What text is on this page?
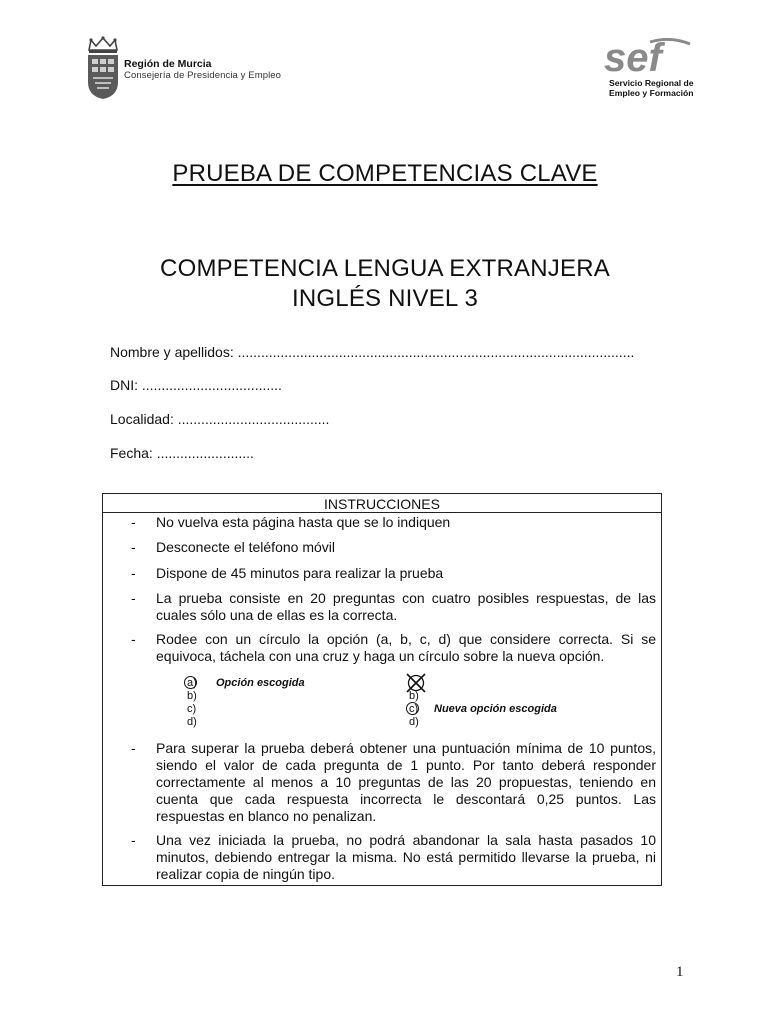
Región de Murcia
Consejería de Presidencia y Empleo	sef
Servicio Regional de
Empleo y Formación
PRUEBA DE COMPETENCIAS CLAVE
COMPETENCIA LENGUA EXTRANJERA
INGLÉS NIVEL 3
Nombre y apellidos: ......................................................................................................
DNI: ....................................
Localidad: .......................................
Fecha: .........................
INSTRUCCIONES
- No vuelva esta página hasta que se lo indiquen
- Desconecte el teléfono móvil
- Dispone de 45 minutos para realizar la prueba
- La prueba consiste en 20 preguntas con cuatro posibles respuestas, de las cuales sólo una de ellas es la correcta.
- Rodee con un círculo la opción (a, b, c, d) que considere correcta. Si se equivoca, táchela con una cruz y haga un círculo sobre la nueva opción.
a)
b)
c)
d)
Opción escogida
b)
c)
d)
Nueva opción escogida
- Para superar la prueba deberá obtener una puntuación mínima de 10 puntos, siendo el valor de cada pregunta de 1 punto. Por tanto deberá responder correctamente al menos a 10 preguntas de las 20 propuestas, teniendo en cuenta que cada respuesta incorrecta le descontará 0,25 puntos. Las respuestas en blanco no penalizan.
- Una vez iniciada la prueba, no podrá abandonar la sala hasta pasados 10 minutos, debiendo entregar la misma. No está permitido llevarse la prueba, ni realizar copia de ningún tipo.
1
